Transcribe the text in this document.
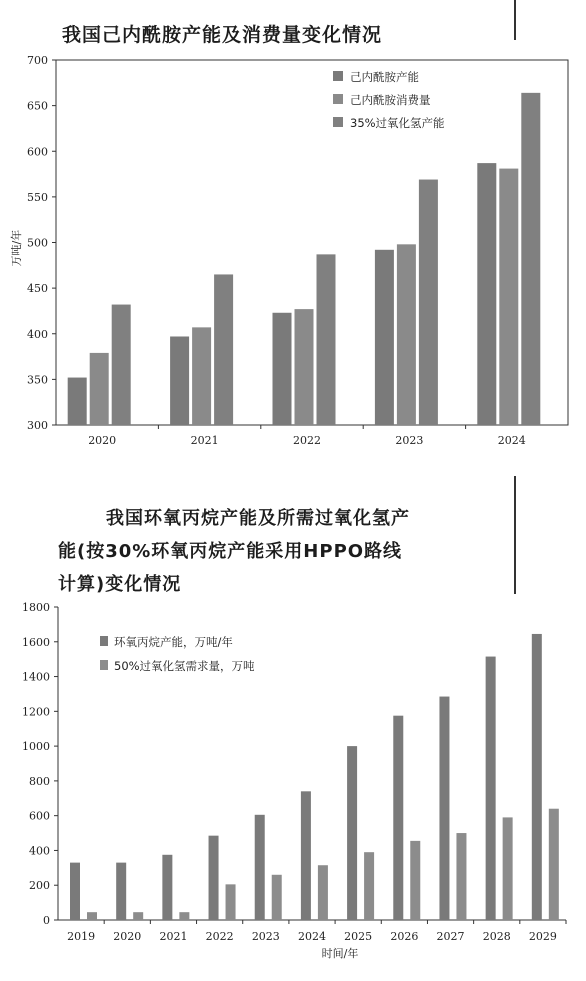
我国己内酰胺产能及消费量变化情况
300
350
400
450
500
550
600
650
700
万吨/年
2020	2021	2022	2023	2024
己内酰胺产能
己内酰胺消费量
35%过氧化氢产能
我国环氧丙烷产能及所需过氧化氢产
能(按30%环氧丙烷产能采用HPPO路线
计算)变化情况
0
200
400
600
800
1000
1200
1400
1600
1800
2019 2020 2021 2022 2023 2024 2025 2026 2027 2028 2029
时间/年
环氧丙烷产能，万吨/年
50%过氧化氢需求量，万吨
